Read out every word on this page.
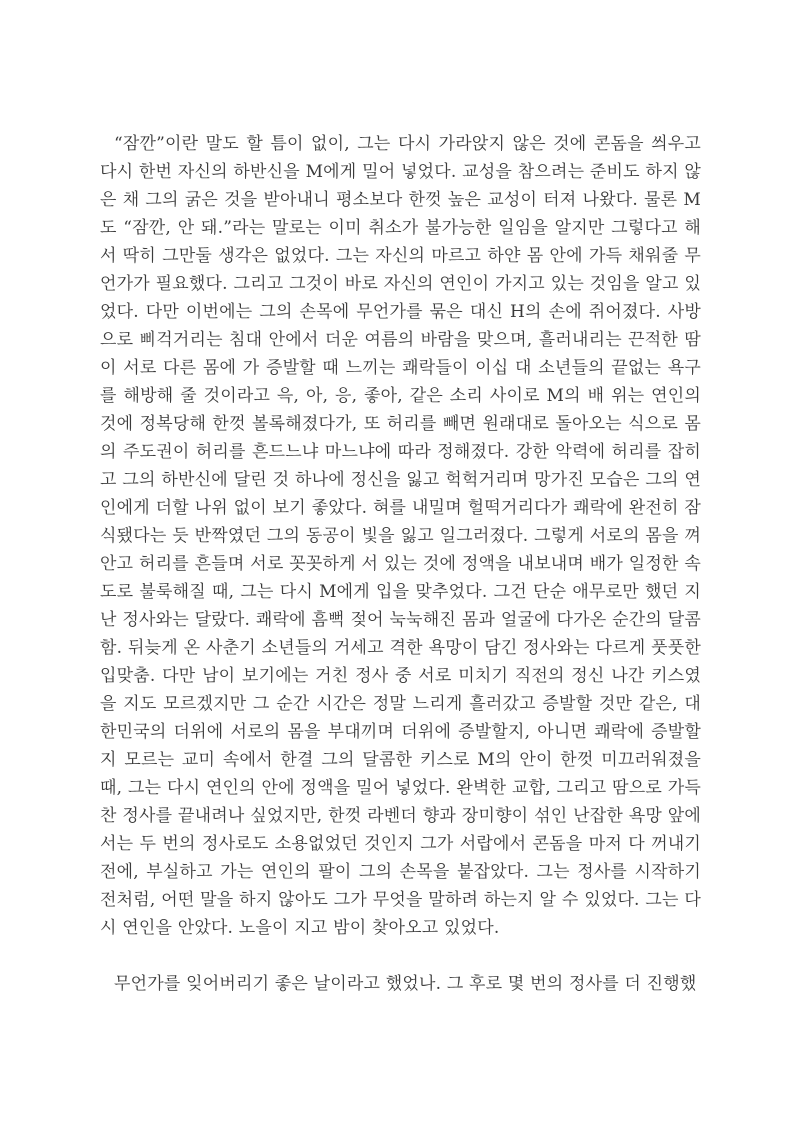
“잠깐”이란 말도 할 틈이 없이, 그는 다시 가라앉지 않은 것에 콘돔을 씌우고 다시 한번 자신의 하반신을 M에게 밀어 넣었다. 교성을 참으려는 준비도 하지 않은 채 그의 굵은 것을 받아내니 평소보다 한껏 높은 교성이 터져 나왔다. 물론 M도 “잠깐, 안 돼.”라는 말로는 이미 취소가 불가능한 일임을 알지만 그렇다고 해서 딱히 그만둘 생각은 없었다. 그는 자신의 마르고 하얀 몸 안에 가득 채워줄 무언가가 필요했다. 그리고 그것이 바로 자신의 연인이 가지고 있는 것임을 알고 있었다. 다만 이번에는 그의 손목에 무언가를 묶은 대신 H의 손에 쥐어졌다. 사방으로 삐걱거리는 침대 안에서 더운 여름의 바람을 맞으며, 흘러내리는 끈적한 땀이 서로 다른 몸에 가 증발할 때 느끼는 쾌락들이 이십 대 소년들의 끝없는 욕구를 해방해 줄 것이라고 윽, 아, 응, 좋아, 같은 소리 사이로 M의 배 위는 연인의 것에 정복당해 한껏 볼록해졌다가, 또 허리를 빼면 원래대로 돌아오는 식으로 몸의 주도권이 허리를 흔드느냐 마느냐에 따라 정해졌다. 강한 악력에 허리를 잡히고 그의 하반신에 달린 것 하나에 정신을 잃고 헉헉거리며 망가진 모습은 그의 연인에게 더할 나위 없이 보기 좋았다. 혀를 내밀며 헐떡거리다가 쾌락에 완전히 잠식됐다는 듯 반짝였던 그의 동공이 빛을 잃고 일그러졌다. 그렇게 서로의 몸을 껴안고 허리를 흔들며 서로 꼿꼿하게 서 있는 것에 정액을 내보내며 배가 일정한 속도로 불룩해질 때, 그는 다시 M에게 입을 맞추었다. 그건 단순 애무로만 했던 지난 정사와는 달랐다. 쾌락에 흠뻑 젖어 눅눅해진 몸과 얼굴에 다가온 순간의 달콤함. 뒤늦게 온 사춘기 소년들의 거세고 격한 욕망이 담긴 정사와는 다르게 풋풋한 입맞춤. 다만 남이 보기에는 거친 정사 중 서로 미치기 직전의 정신 나간 키스였을 지도 모르겠지만 그 순간 시간은 정말 느리게 흘러갔고 증발할 것만 같은, 대한민국의 더위에 서로의 몸을 부대끼며 더위에 증발할지, 아니면 쾌락에 증발할지 모르는 교미 속에서 한결 그의 달콤한 키스로 M의 안이 한껏 미끄러워졌을 때, 그는 다시 연인의 안에 정액을 밀어 넣었다. 완벽한 교합, 그리고 땀으로 가득 찬 정사를 끝내려나 싶었지만, 한껏 라벤더 향과 장미향이 섞인 난잡한 욕망 앞에서는 두 번의 정사로도 소용없었던 것인지 그가 서랍에서 콘돔을 마저 다 꺼내기 전에, 부실하고 가는 연인의 팔이 그의 손목을 붙잡았다. 그는 정사를 시작하기 전처럼, 어떤 말을 하지 않아도 그가 무엇을 말하려 하는지 알 수 있었다. 그는 다시 연인을 안았다. 노을이 지고 밤이 찾아오고 있었다.

무언가를 잊어버리기 좋은 날이라고 했었나. 그 후로 몇 번의 정사를 더 진행했
